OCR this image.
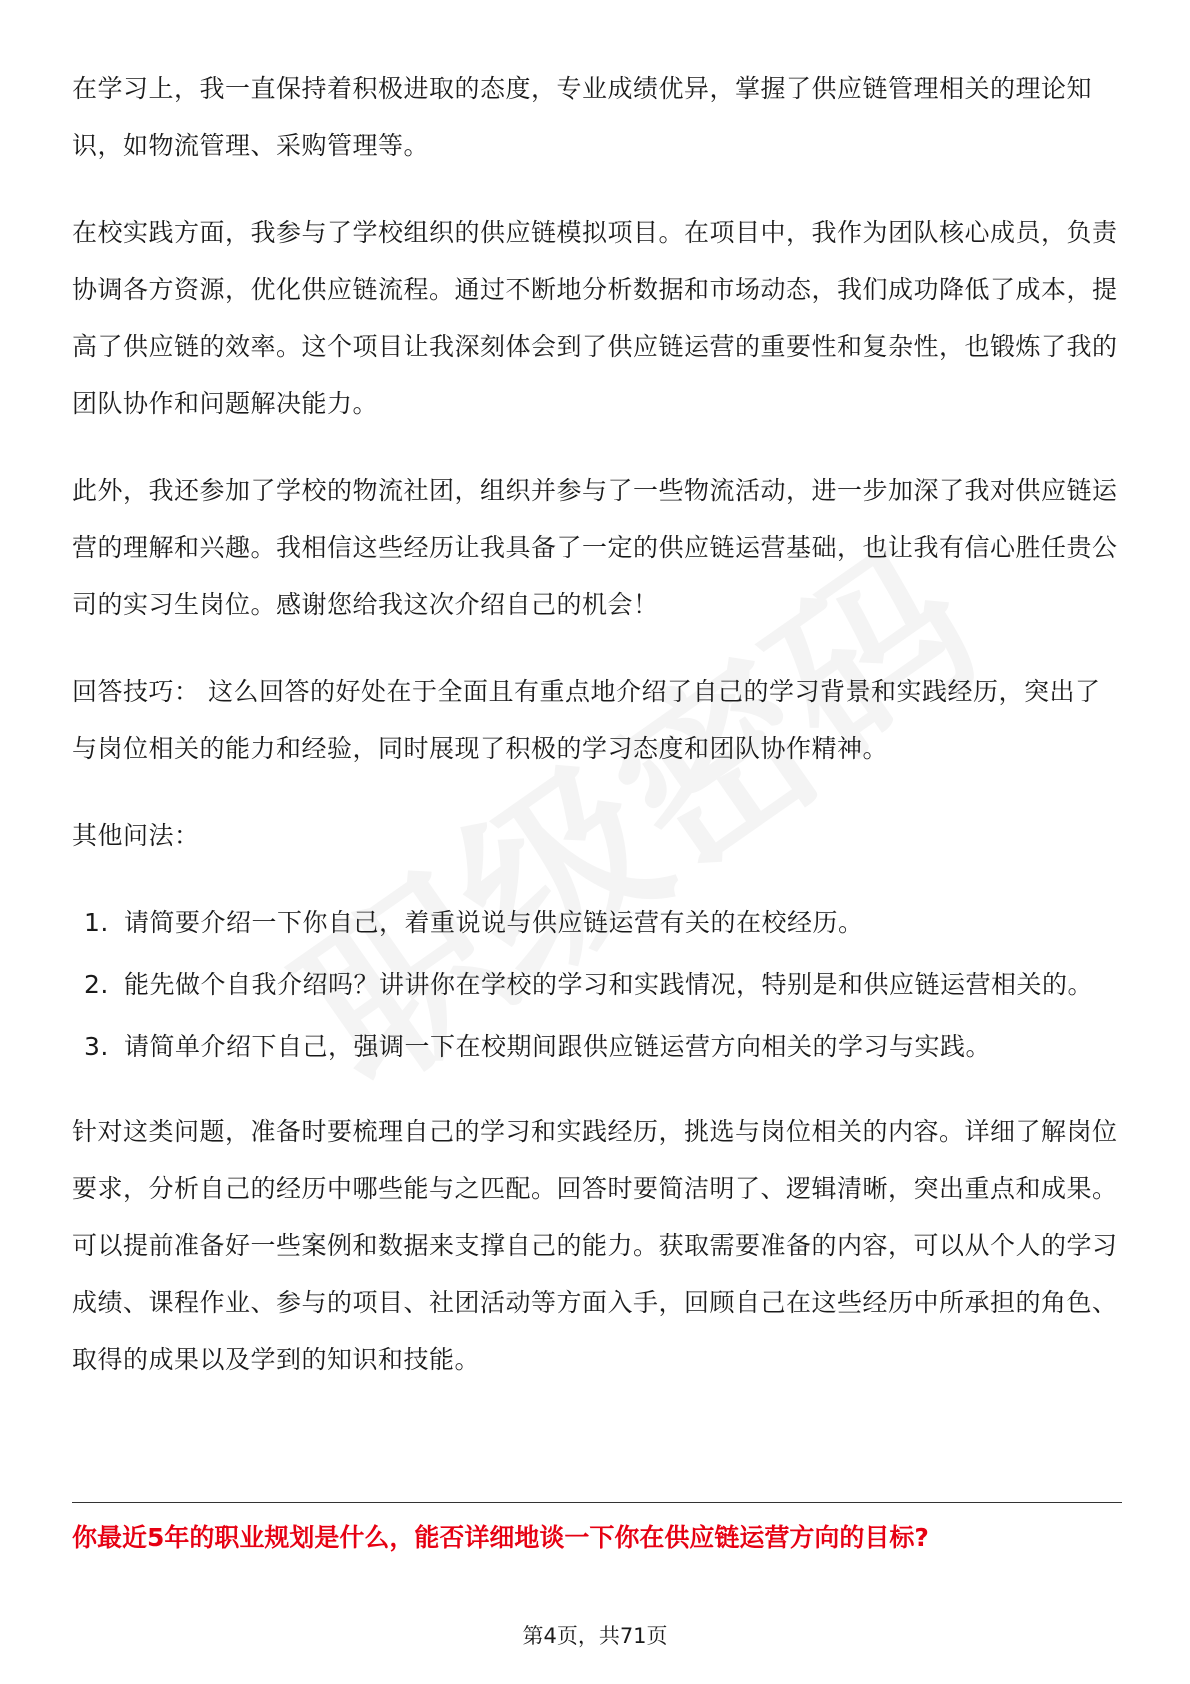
在学习上，我一直保持着积极进取的态度，专业成绩优异，掌握了供应链管理相关的理论知识，如物流管理、采购管理等。

在校实践方面，我参与了学校组织的供应链模拟项目。在项目中，我作为团队核心成员，负责协调各方资源，优化供应链流程。通过不断地分析数据和市场动态，我们成功降低了成本，提高了供应链的效率。这个项目让我深刻体会到了供应链运营的重要性和复杂性，也锻炼了我的团队协作和问题解决能力。

此外，我还参加了学校的物流社团，组织并参与了一些物流活动，进一步加深了我对供应链运营的理解和兴趣。我相信这些经历让我具备了一定的供应链运营基础，也让我有信心胜任贵公司的实习生岗位。感谢您给我这次介绍自己的机会！

回答技巧： 这么回答的好处在于全面且有重点地介绍了自己的学习背景和实践经历，突出了与岗位相关的能力和经验，同时展现了积极的学习态度和团队协作精神。

其他问法：

1. 请简要介绍一下你自己，着重说说与供应链运营有关的在校经历。
2. 能先做个自我介绍吗？讲讲你在学校的学习和实践情况，特别是和供应链运营相关的。
3. 请简单介绍下自己，强调一下在校期间跟供应链运营方向相关的学习与实践。

针对这类问题，准备时要梳理自己的学习和实践经历，挑选与岗位相关的内容。详细了解岗位要求，分析自己的经历中哪些能与之匹配。回答时要简洁明了、逻辑清晰，突出重点和成果。可以提前准备好一些案例和数据来支撑自己的能力。获取需要准备的内容，可以从个人的学习成绩、课程作业、参与的项目、社团活动等方面入手，回顾自己在这些经历中所承担的角色、取得的成果以及学到的知识和技能。

你最近5年的职业规划是什么，能否详细地谈一下你在供应链运营方向的目标?

第4页，共71页
